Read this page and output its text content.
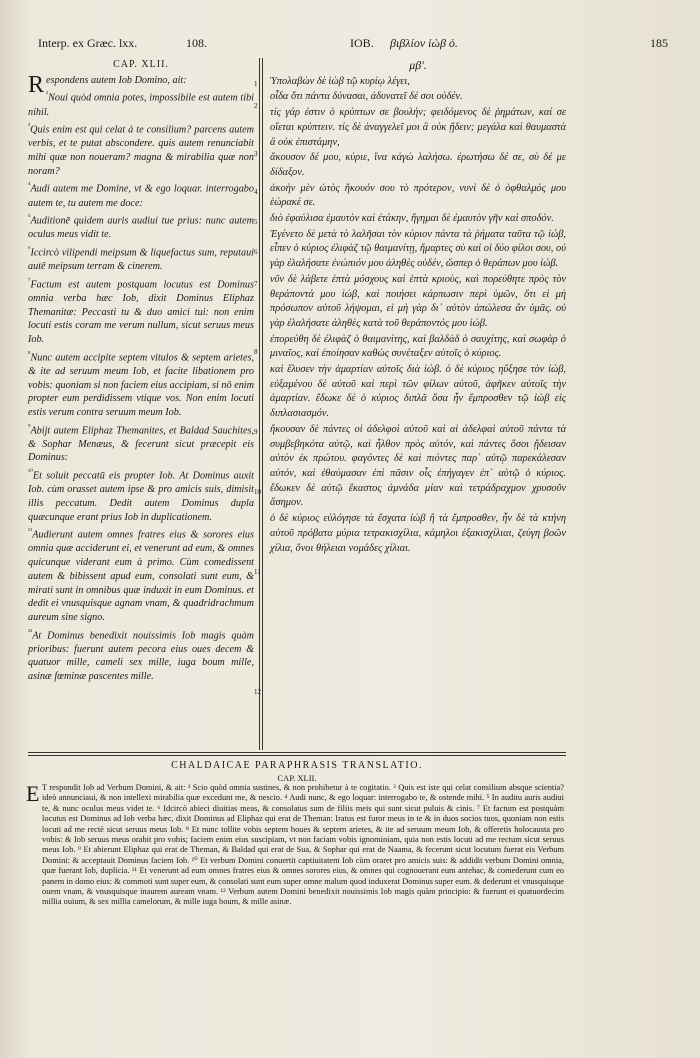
Interp. ex Græc. lxx.	108.	IOB. βιβλίον ἰὼβ ὀ.	185
CAP. XLII.

Respondens autem Iob Domino, ait:

$^{^2}$Noui quòd omnia potes, impossibile est autem tibi nihil.

$^{^3}$Quis enim est qui celat à te consilium? parcens autem verbis, et te putat abscondere. quis autem renunciabit mihi quæ non noueram? magna & mirabilia quæ non noram?

$^{^4}$Audi autem me Domine, vt & ego loquar. interrogabo autem te, tu autem me doce:

$^{^5}$Auditionē quidem auris audiui tue prius: nunc autem oculus meus vidit te.

$^{^6}$Iccircò vilipendi meipsum & liquefactus sum, reputaui autē meipsum terram & cinerem.

$^{^7}$Factum est autem postquam locutus est Dominus omnia verba hæc Iob, dixit Dominus Eliphaz Themanitæ: Peccasti tu & duo amici tui: non enim locuti estis coram me verum nullum, sicut seruus meus Iob.

$^{^8}$Nunc autem accipite septem vitulos & septem arietes, & ite ad seruum meum Iob, et facite libationem pro vobis: quoniam si non faciem eius accipiam, si nō enim propter eum perdidissem vtique vos. Non enim locuti estis verum contra seruum meum Iob.

$^{^9}$Abijt autem Eliphaz Themanites, et Baldad Sauchites, & Sophar Menæus, & fecerunt sicut præcepit eis Dominus:

$^{^{10}}$Et soluit peccatū eis propter Iob. At Dominus auxit Iob. cùm orasset autem ipse & pro amicis suis, dimisit illis peccatum. Dedit autem Dominus dupla quæcunque erant prius Iob in duplicationem.

$^{^{11}}$Audierunt autem omnes fratres eius & sorores eius omnia quæ acciderunt ei, et venerunt ad eum, & omnes quicunque viderant eum à primo. Cùm comedissent autem & bibissent apud eum, consolati sunt eum, & mirati sunt in omnibus quæ induxit in eum Dominus. et dedit ei vnusquisque agnam vnam, & quadridrachmum aureum sine signo.

$^{^{12}}$At Dominus benedixit nouissimis Iob magis quàm prioribus: fuerunt autem pecora eius oues decem & quatuor mille, cameli sex mille, iuga boum mille, asinæ fœminæ pascentes mille.

1
2
3
4
5
6
7
8
9
10
11
12
μβ'.

Ὑπολαβὼν δὲ ἰὼβ τῷ κυρίῳ λέγει,

οἶδα ὅτι πάντα δύνασαι, ἀδυνατεῖ δέ σοι οὐδέν.

τίς γάρ ἐστιν ὁ κρύπτων σε βουλήν; φειδόμενος δὲ ῥημάτων, καί σε οἴεται κρύπτειν. τίς δὲ ἀναγγελεῖ μοι ἃ οὐκ ᾔδειν; μεγάλα καὶ θαυμαστὰ ἃ οὐκ ἐπιστάμην,

ἄκουσον δέ μου, κύριε, ἵνα κἀγὼ λαλήσω. ἐρωτήσω δέ σε, σὺ δέ με δίδαξον.

ἀκοὴν μὲν ὠτὸς ἤκουόν σου τὸ πρότερον, νυνὶ δὲ ὁ ὀφθαλμός μου ἑώρακέ σε.

διὸ ἐφαύλισα ἐμαυτὸν καὶ ἐτάκην, ἥγημαι δὲ ἐμαυτὸν γῆν καὶ σποδόν.

Ἐγένετο δὲ μετὰ τὸ λαλῆσαι τὸν κύριον πάντα τὰ ῥήματα ταῦτα τῷ ἰώβ, εἶπεν ὁ κύριος ἐλιφὰζ τῷ θαιμανίτῃ, ἥμαρτες σὺ καὶ οἱ δύο φίλοι σου, οὐ γὰρ ἐλαλήσατε ἐνώπιόν μου ἀληθὲς οὐδέν, ὥσπερ ὁ θεράπων μου ἰώβ.

νῦν δὲ λάβετε ἑπτὰ μόσχους καὶ ἑπτὰ κριοὺς, καὶ πορεύθητε πρὸς τὸν θεράποντά μου ἰώβ, καὶ ποιήσει κάρπωσιν περὶ ὑμῶν, ὅτι εἰ μὴ πρόσωπον αὐτοῦ λήψομαι, εἰ μὴ γὰρ δι᾽ αὐτὸν ἀπώλεσα ἂν ὑμᾶς. οὐ γὰρ ἐλαλήσατε ἀληθὲς κατὰ τοῦ θεράποντός μου ἰώβ.

ἐπορεύθη δὲ ἐλιφὰζ ὁ θαιμανίτης, καὶ βαλδὰδ ὁ σαυχίτης, καὶ σωφὰρ ὁ μιναῖος, καὶ ἐποίησαν καθὼς συνέταξεν αὐτοῖς ὁ κύριος.

καὶ ἔλυσεν τὴν ἁμαρτίαν αὐτοῖς διὰ ἰώβ. ὁ δὲ κύριος ηὔξησε τὸν ἰώβ, εὐξαμένου δὲ αὐτοῦ καὶ περὶ τῶν φίλων αὐτοῦ, ἀφῆκεν αὐτοῖς τὴν ἁμαρτίαν. ἔδωκε δὲ ὁ κύριος διπλᾶ ὅσα ἦν ἔμπροσθεν τῷ ἰὼβ εἰς διπλασιασμόν.

ἤκουσαν δὲ πάντες οἱ ἀδελφοὶ αὐτοῦ καὶ αἱ ἀδελφαὶ αὐτοῦ πάντα τὰ συμβεβηκότα αὐτῷ, καὶ ἦλθον πρὸς αὐτόν, καὶ πάντες ὅσοι ᾔδεισαν αὐτὸν ἐκ πρώτου. φαγόντες δὲ καὶ πιόντες παρ᾽ αὐτῷ παρεκάλεσαν αὐτόν, καὶ ἐθαύμασαν ἐπὶ πᾶσιν οἷς ἐπήγαγεν ἐπ᾽ αὐτῷ ὁ κύριος. ἔδωκεν δὲ αὐτῷ ἕκαστος ἀμνάδα μίαν καὶ τετράδραχμον χρυσοῦν ἄσημον.

ὁ δὲ κύριος εὐλόγησε τὰ ἔσχατα ἰὼβ ἢ τὰ ἔμπροσθεν, ἦν δὲ τὰ κτήνη αὐτοῦ πρόβατα μύρια τετρακισχίλια, κάμηλοι ἑξακισχίλιαι, ζεύγη βοῶν χίλια, ὄνοι θήλειαι νομάδες χίλιαι.

CHALDAICAE PARAPHRASIS TRANSLATIO.
CAP. XLII.
E T respondit Iob ad Verbum Domini, & ait: ² Scio quòd omnia sustines, & non prohibetur à te cogitatio. ³ Quis est iste qui celat consilium absque scientia? ideò annunciaui, & non intellexi mirabilia quæ excedunt me, & nescio. ⁴ Audi nunc, & ego loquar: interrogabo te, & ostende mihi. ⁵ In auditu auris audiui te, & nunc oculus meus videt te. ⁶ Idcircò abieci diuitias meas, & consolatus sum de filiis meis qui sunt sicut puluis & cinis. ⁷ Et factum est postquàm locutus est Dominus ad Iob verba hæc, dixit Dominus ad Eliphaz qui erat de Theman: Iratus est furor meus in te & in duos socios tuos, quoniam non estis locuti ad me rectè sicut seruus meus Iob. ⁸ Et nunc tollite vobis septem boues & septem arietes, & ite ad seruum meum Iob, & offeretis holocausta pro vobis: & Iob seruus meus orabit pro vobis; faciem enim eius suscipiam, vt non faciam vobis ignominiam, quia non estis locuti ad me rectum sicut seruus meus Iob. ⁹ Et abierunt Eliphaz qui erat de Theman, & Baldad qui erat de Sua, & Sophar qui erat de Naama, & fecerunt sicut locutum fuerat eis Verbum Domini: & acceptauit Dominus faciem Iob. ¹⁰ Et verbum Domini conuertit captiuitatem Iob cùm oraret pro amicis suis: & addidit verbum Domini omnia, quæ fuerant Iob, duplicia. ¹¹ Et venerunt ad eum omnes fratres eius & omnes sorores eius, & omnes qui cognouerant eum antehac, & comederunt cum eo panem in domo eius: & commoti sunt super eum, & consolati sunt eum super omne malum quod induxerat Dominus super eum. & dederunt ei vnusquisque ouem vnam, & vnusquisque inaurem auream vnam. ¹² Verbum autem Domini benedixit nouissimis Iob magis quàm principio: & fuerunt ei quatuordecim millia ouium, & sex millia camelorum, & mille iuga boum, & mille asinæ.
